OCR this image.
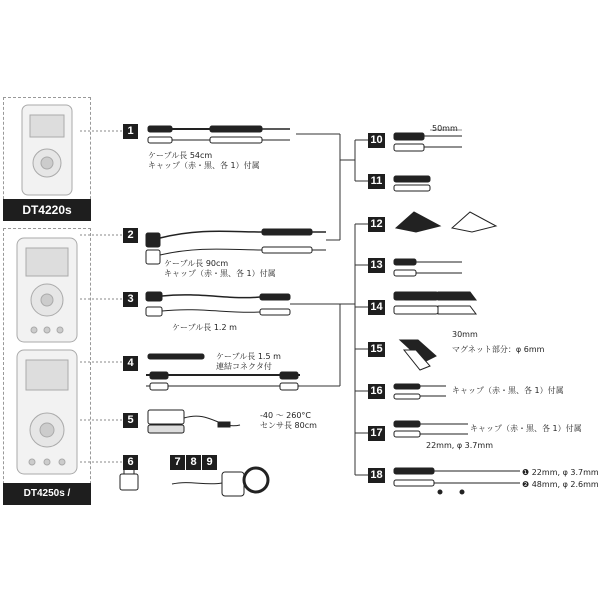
DT4220s
DT4250s / DT4280s
1
2
3
4
5
6	7 8 9
10
11
12
13
14
15
16
17
18
ケーブル長 54cm
キャップ（赤・黒、各 1）付属
ケーブル長 90cm
キャップ（赤・黒、各 1）付属
ケーブル長 1.2 m
ケーブル長 1.5 m
連結コネクタ付
-40 ～ 260°C
センサ長 80cm
50mm
30mm
マグネット部分：φ 6mm
キャップ（赤・黒、各 1）付属
キャップ（赤・黒、各 1）付属
22mm, φ 3.7mm
❶ 22mm, φ 3.7mm
❷ 48mm, φ 2.6mm
